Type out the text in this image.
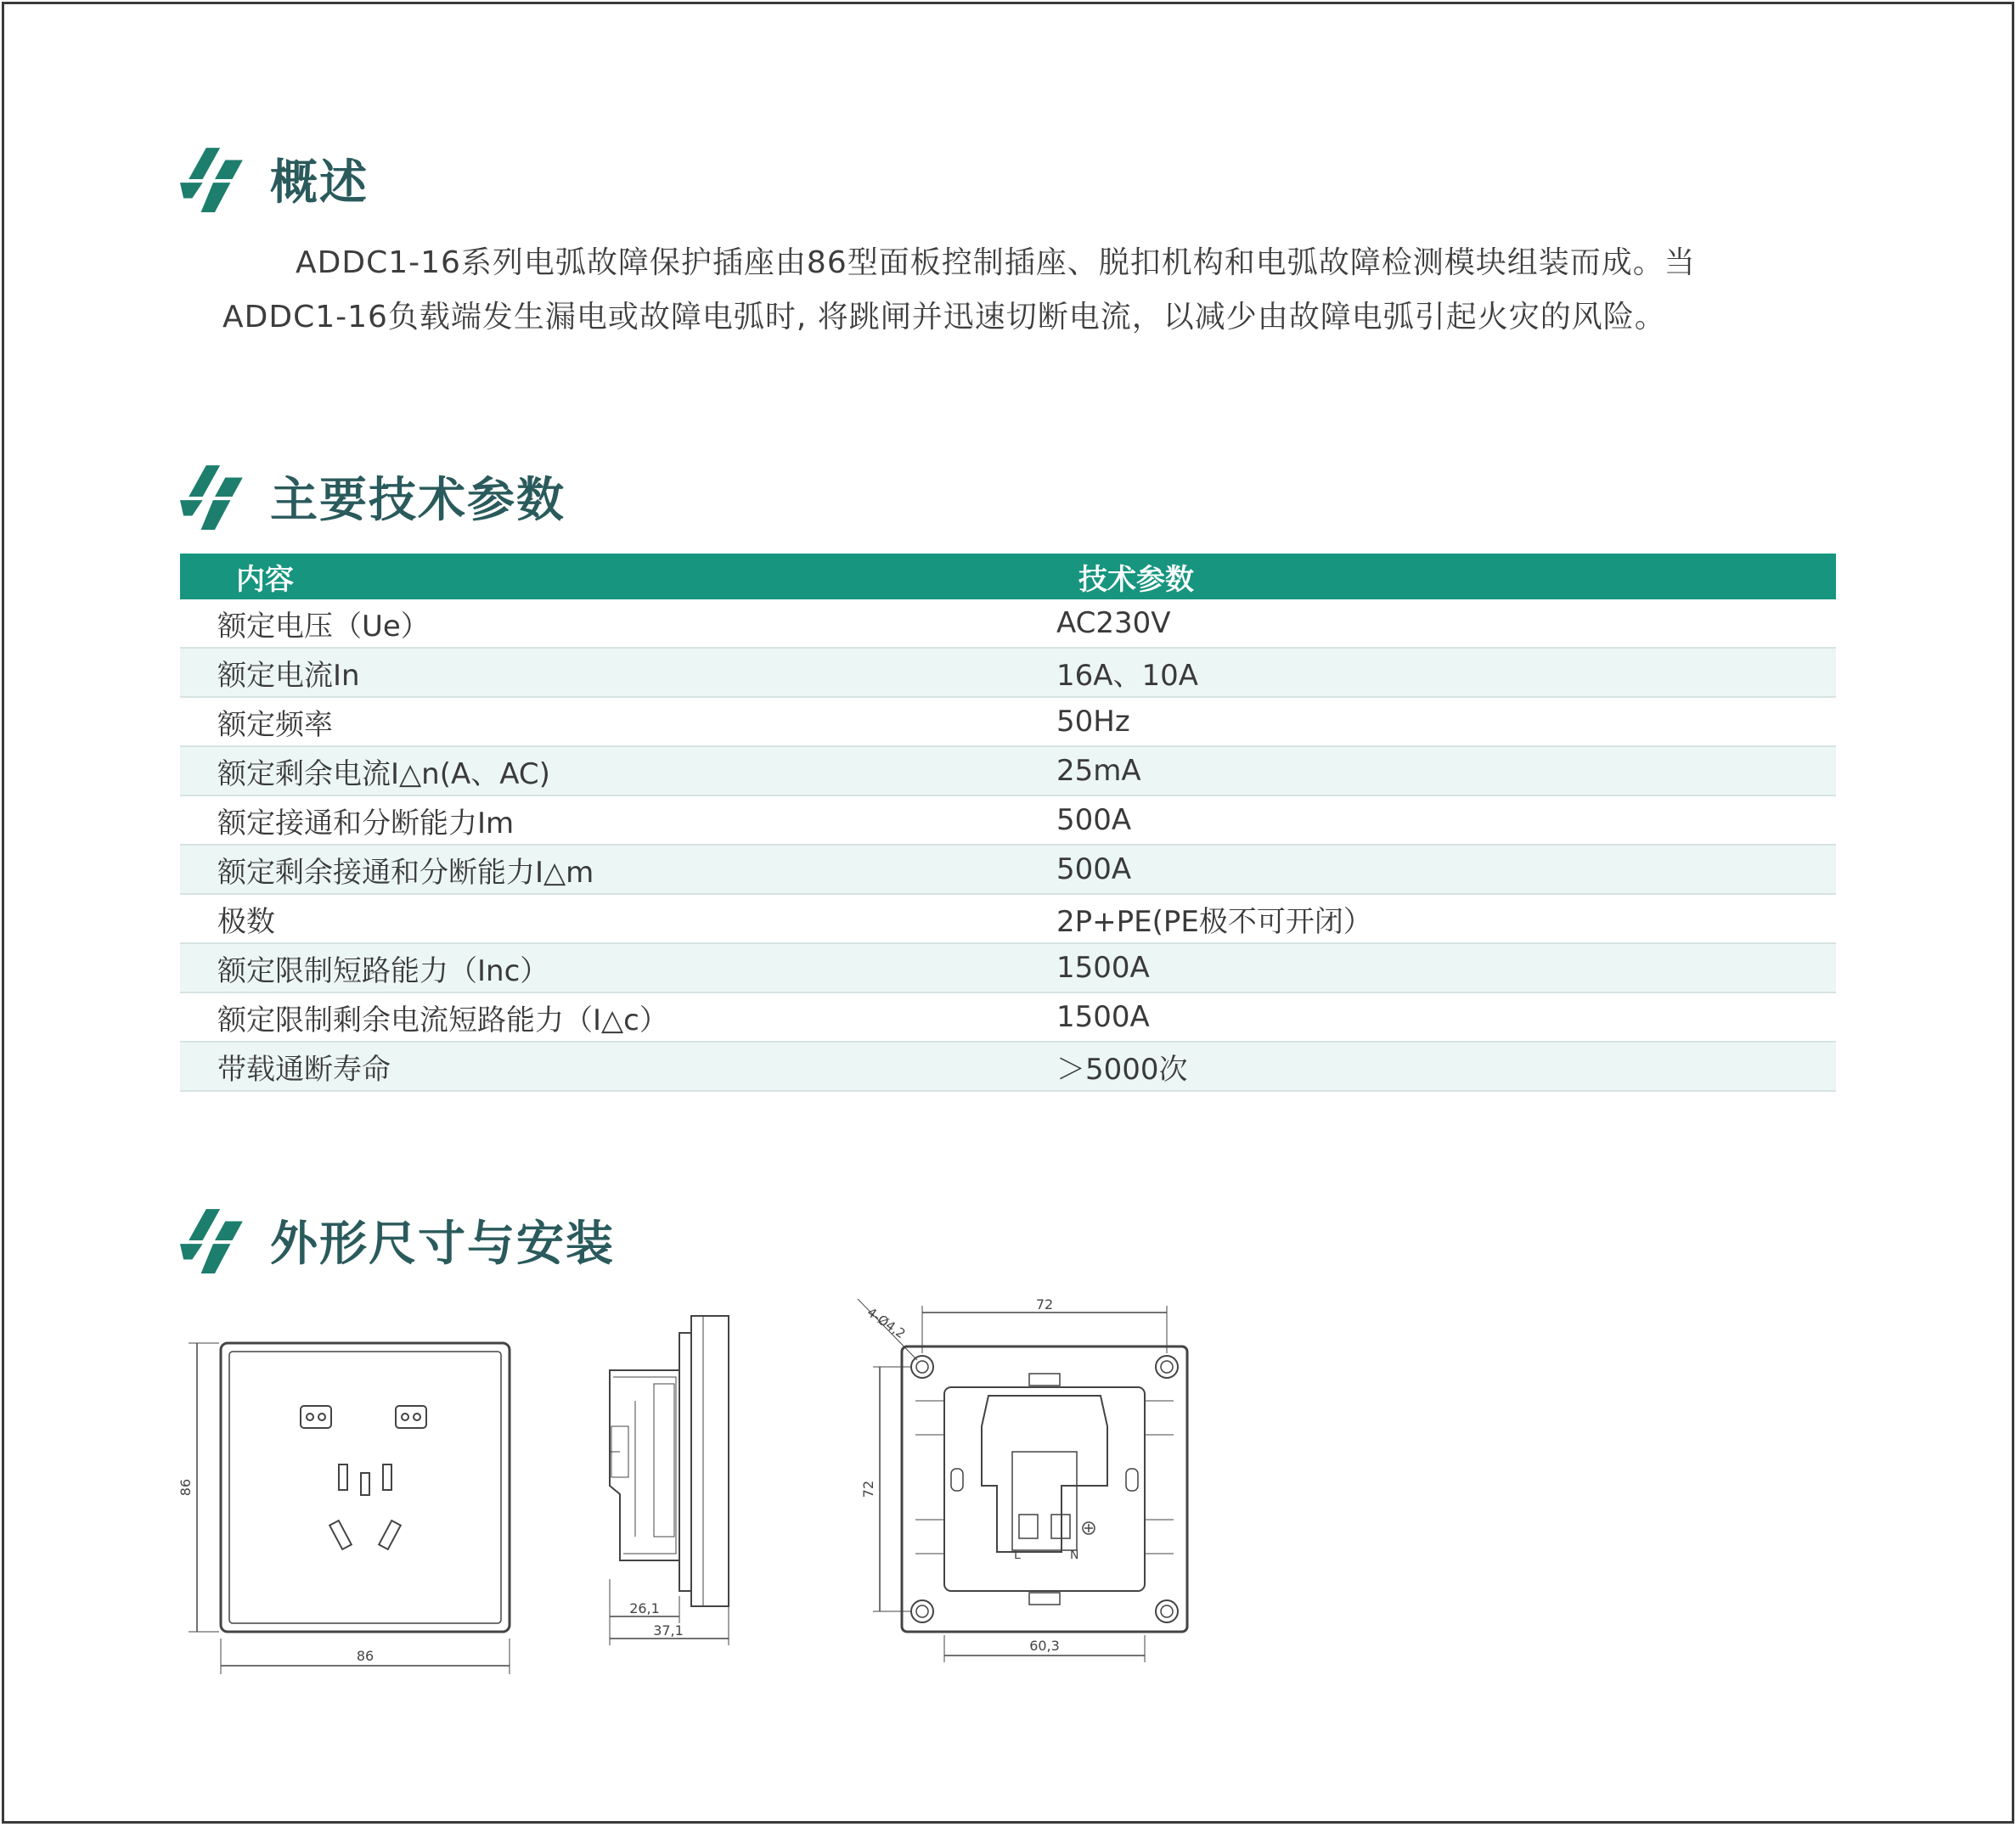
概述

ADDC1-16系列电弧故障保护插座由86型面板控制插座、脱扣机构和电弧故障检测模块组装而成。当

ADDC1-16负载端发生漏电或故障电弧时, 将跳闸并迅速切断电流，以减少由故障电弧引起火灾的风险。

主要技术参数
内容	技术参数
额定电压（Ue）	AC230V
额定电流In	16A、10A
额定频率	50Hz
额定剩余电流I△n(A、AC)	25mA
额定接通和分断能力Im	500A
额定剩余接通和分断能力I△m	500A
极数	2P+PE(PE极不可开闭）
额定限制短路能力（Inc）	1500A
额定限制剩余电流短路能力（I△c）	1500A
带载通断寿命	＞5000次
外形尺寸与安装
86
86
26,1
37,1
4-Ø4,2
72
72
60,3
L	N
